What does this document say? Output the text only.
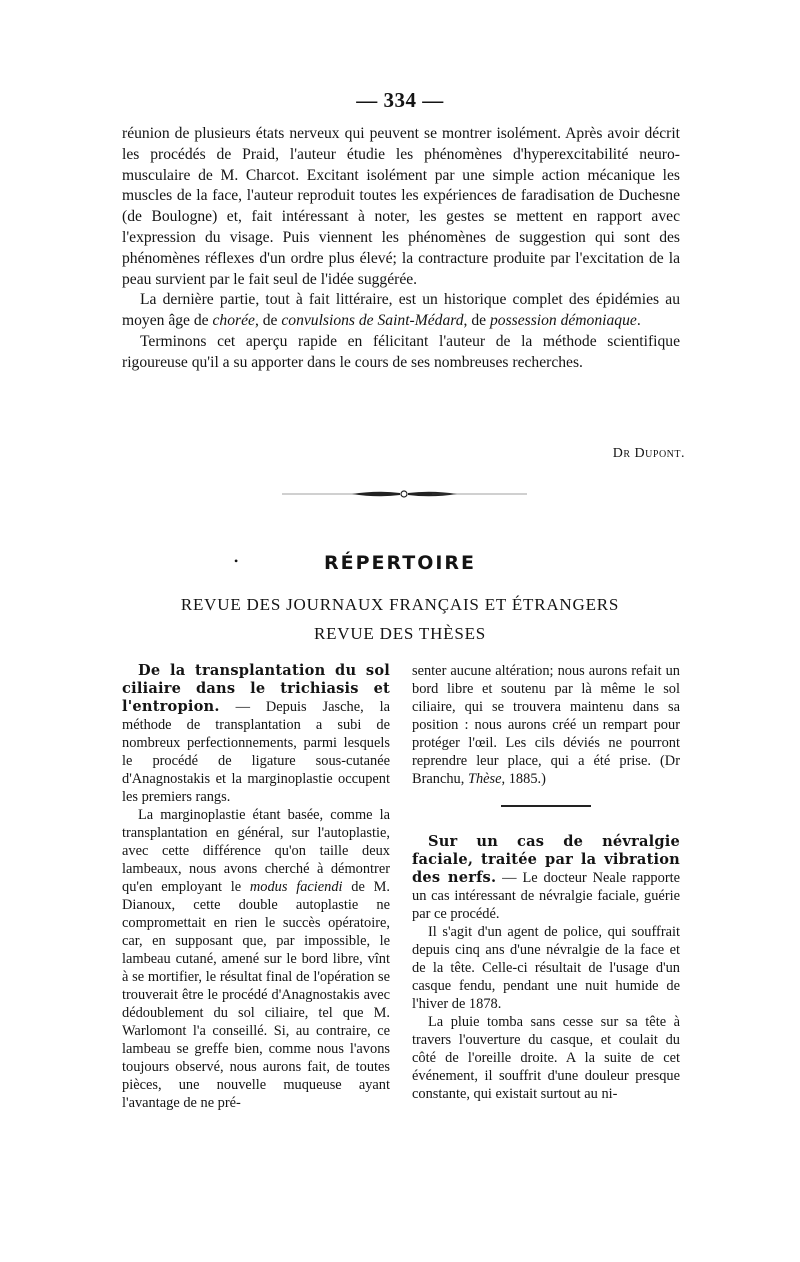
— 334 —

réunion de plusieurs états nerveux qui peuvent se montrer isolément. Après avoir décrit les procédés de Praid, l'auteur étudie les phénomènes d'hyperexcitabilité neuro-musculaire de M. Charcot. Excitant isolément par une simple action mécanique les muscles de la face, l'auteur reproduit toutes les expériences de faradisation de Duchesne (de Boulogne) et, fait intéressant à noter, les gestes se mettent en rapport avec l'expression du visage. Puis viennent les phénomènes de suggestion qui sont des phénomènes réflexes d'un ordre plus élevé; la contracture produite par l'excitation de la peau survient par le fait seul de l'idée suggérée.

La dernière partie, tout à fait littéraire, est un historique complet des épidémies au moyen âge de chorée, de convulsions de Saint-Médard, de possession démoniaque.

Terminons cet aperçu rapide en félicitant l'auteur de la méthode scientifique rigoureuse qu'il a su apporter dans le cours de ses nombreuses recherches.

Dr Dupont.
•	RÉPERTOIRE
REVUE DES JOURNAUX FRANÇAIS ET ÉTRANGERS
REVUE DES THÈSES

De la transplantation du sol ciliaire dans le trichiasis et l'entropion. — Depuis Jasche, la méthode de transplantation a subi de nombreux perfectionnements, parmi lesquels le procédé de ligature sous-cutanée d'Anagnostakis et la marginoplastie occupent les premiers rangs.

La marginoplastie étant basée, comme la transplantation en général, sur l'autoplastie, avec cette différence qu'on taille deux lambeaux, nous avons cherché à démontrer qu'en employant le modus faciendi de M. Dianoux, cette double autoplastie ne compromettait en rien le succès opératoire, car, en supposant que, par impossible, le lambeau cutané, amené sur le bord libre, vînt à se mortifier, le résultat final de l'opération se trouverait être le procédé d'Anagnostakis avec dédoublement du sol ciliaire, tel que M. Warlomont l'a conseillé. Si, au contraire, ce lambeau se greffe bien, comme nous l'avons toujours observé, nous aurons fait, de toutes pièces, une nouvelle muqueuse ayant l'avantage de ne pré-

senter aucune altération; nous aurons refait un bord libre et soutenu par là même le sol ciliaire, qui se trouvera maintenu dans sa position : nous aurons créé un rempart pour protéger l'œil. Les cils déviés ne pourront reprendre leur place, qui a été prise. (Dr Branchu, Thèse, 1885.)

Sur un cas de névralgie faciale, traitée par la vibration des nerfs. — Le docteur Neale rapporte un cas intéressant de névralgie faciale, guérie par ce procédé.

Il s'agit d'un agent de police, qui souffrait depuis cinq ans d'une névralgie de la face et de la tête. Celle-ci résultait de l'usage d'un casque fendu, pendant une nuit humide de l'hiver de 1878.

La pluie tomba sans cesse sur sa tête à travers l'ouverture du casque, et coulait du côté de l'oreille droite. A la suite de cet événement, il souffrit d'une douleur presque constante, qui existait surtout au ni-
